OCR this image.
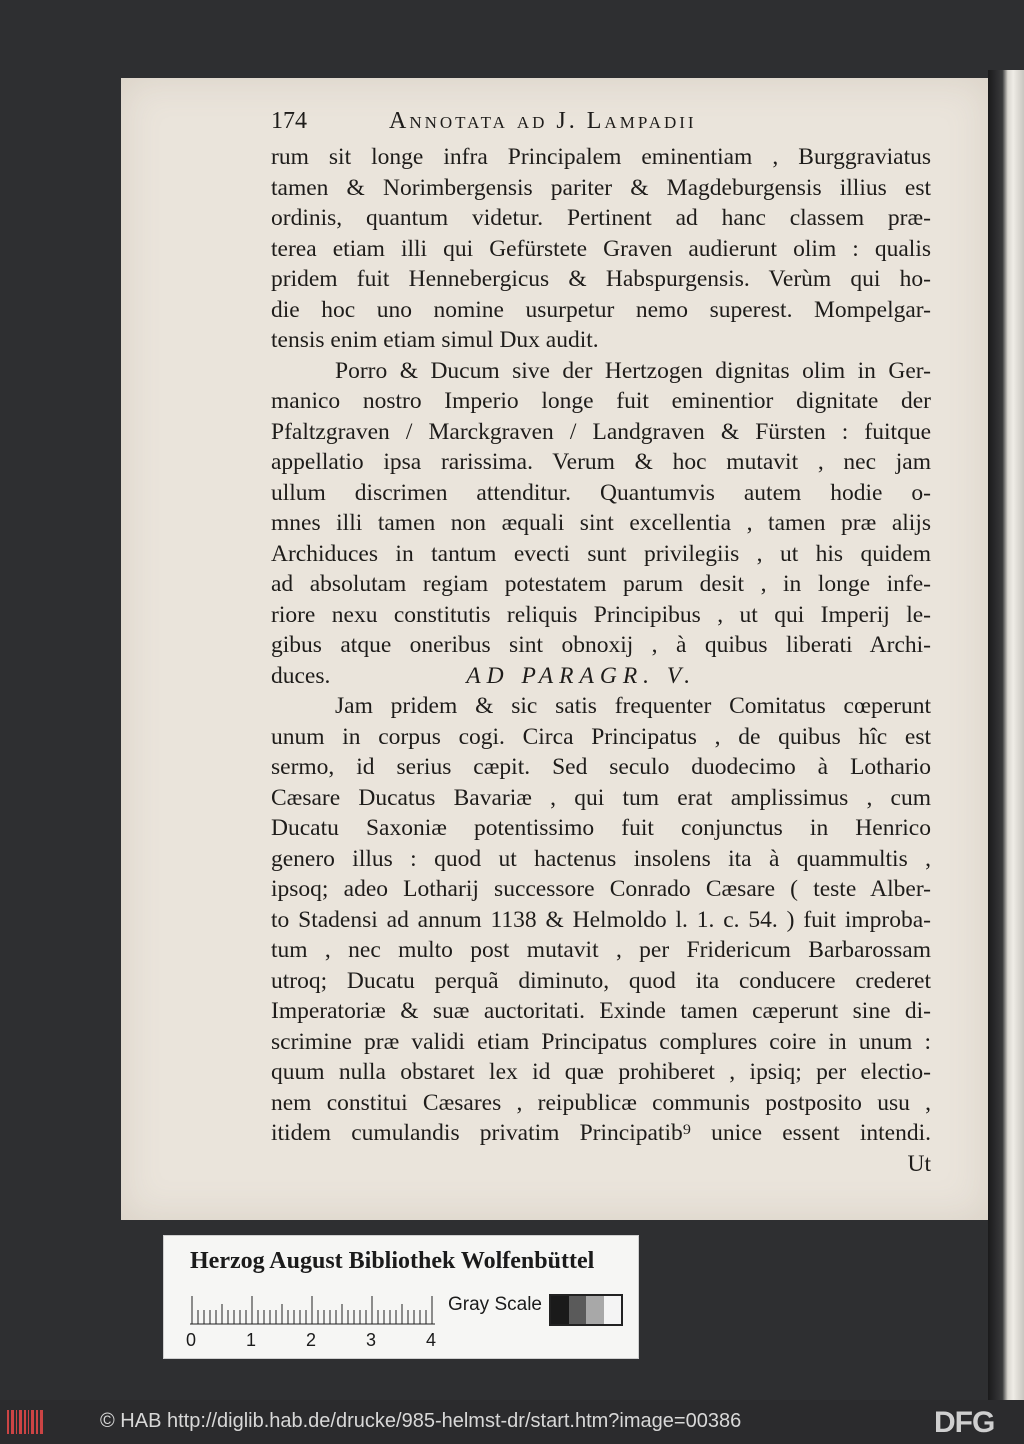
174	Annotata ad J. Lampadii
rum sit longe infra Principalem eminentiam , Burggraviatus
tamen & Norimbergensis pariter & Magdeburgensis illius est
ordinis, quantum videtur. Pertinent ad hanc classem præ-
terea etiam illi qui Gefürstete Graven audierunt olim : qualis
pridem fuit Hennebergicus & Habspurgensis. Verùm qui ho-
die hoc uno nomine usurpetur nemo superest. Mompelgar-
tensis enim etiam simul Dux audit.
Porro & Ducum sive der Hertzogen dignitas olim in Ger-
manico nostro Imperio longe fuit eminentior dignitate der
Pfaltzgraven / Marckgraven / Landgraven & Fürsten : fuitque
appellatio ipsa rarissima. Verum & hoc mutavit , nec jam
ullum discrimen attenditur. Quantumvis autem hodie o-
mnes illi tamen non æquali sint excellentia , tamen præ alijs
Archiduces in tantum evecti sunt privilegiis , ut his quidem
ad absolutam regiam potestatem parum desit , in longe infe-
riore nexu constitutis reliquis Principibus , ut qui Imperij le-
gibus atque oneribus sint obnoxij , à quibus liberati Archi-
duces.	AD PARAGR. V.
Jam pridem & sic satis frequenter Comitatus cœperunt
unum in corpus cogi. Circa Principatus , de quibus hîc est
sermo, id serius cæpit. Sed seculo duodecimo à Lothario
Cæsare Ducatus Bavariæ , qui tum erat amplissimus , cum
Ducatu Saxoniæ potentissimo fuit conjunctus in Henrico
genero illus : quod ut hactenus insolens ita à quammultis ,
ipsoq; adeo Lotharij successore Conrado Cæsare ( teste Alber-
to Stadensi ad annum 1138 & Helmoldo l. 1. c. 54. ) fuit improba-
tum , nec multo post mutavit , per Fridericum Barbarossam
utroq; Ducatu perquã diminuto, quod ita conducere crederet
Imperatoriæ & suæ auctoritati. Exinde tamen cæperunt sine di-
scrimine præ validi etiam Principatus complures coire in unum :
quum nulla obstaret lex id quæ prohiberet , ipsiq; per electio-
nem constitui Cæsares , reipublicæ communis postposito usu ,
itidem cumulandis privatim Principatib⁹ unice essent intendi.
Ut
Herzog August Bibliothek Wolfenbüttel
0	1	2	3	4
Gray Scale
© HAB http://diglib.hab.de/drucke/985-helmst-dr/start.htm?image=00386	DFG
